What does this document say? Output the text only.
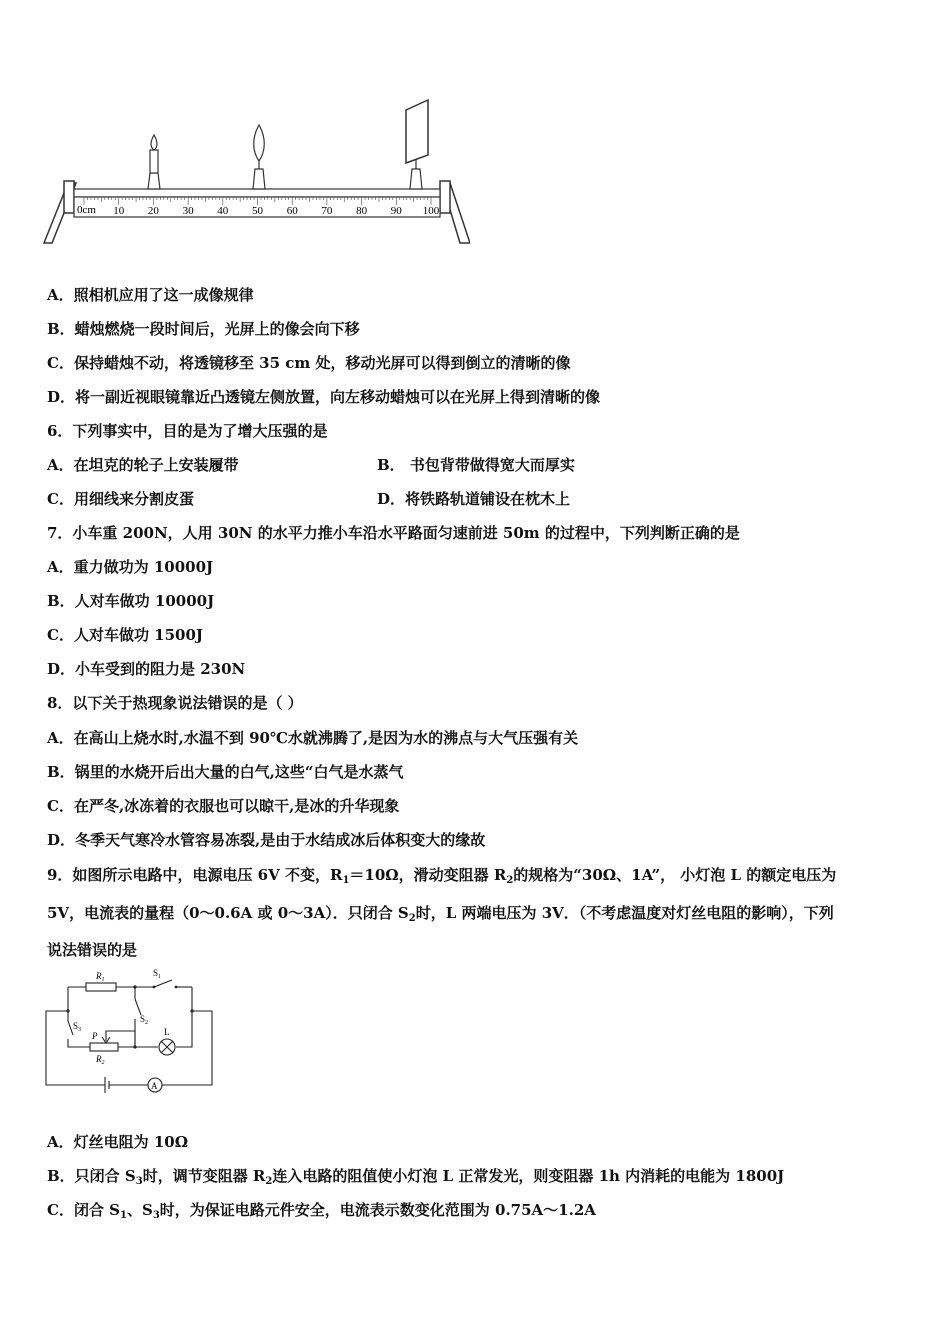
0cm 10 20 30 40 50 60 70 80 90 100
A．照相机应用了这一成像规律
B．蜡烛燃烧一段时间后，光屏上的像会向下移
C．保持蜡烛不动，将透镜移至 35 cm 处，移动光屏可以得到倒立的清晰的像
D．将一副近视眼镜靠近凸透镜左侧放置，向左移动蜡烛可以在光屏上得到清晰的像
6．下列事实中，目的是为了增大压强的是
A．在坦克的轮子上安装履带	B． 书包背带做得宽大而厚实
C．用细线来分割皮蛋	D．将铁路轨道铺设在枕木上
7．小车重 200N，人用 30N 的水平力推小车沿水平路面匀速前进 50m 的过程中，下列判断正确的是
A．重力做功为 10000J
B．人对车做功 10000J
C．人对车做功 1500J
D．小车受到的阻力是 230N
8．以下关于热现象说法错误的是（ ）
A．在高山上烧水时,水温不到 90℃水就沸腾了,是因为水的沸点与大气压强有关
B．锅里的水烧开后出大量的白气,这些“白气是水蒸气
C．在严冬,冰冻着的衣服也可以晾干,是冰的升华现象
D．冬季天气寒冷水管容易冻裂,是由于水结成冰后体积变大的缘故
9．如图所示电路中，电源电压 6V 不变，$R_1=10\Omega$，滑动变阻器 $R_2$的规格为“30Ω、1A”， 小灯泡 L 的额定电压为
5V，电流表的量程（0～0.6A 或 0～3A）．只闭合 $S_2$时，L 两端电压为 3V．（不考虑温度对灯丝电阻的影响），下列
说法错误的是
$R_1$
$S_1$
$S_2$
$S_3$
P
$R_2$
L
A
A．灯丝电阻为 10Ω
B．只闭合 $S_3$时，调节变阻器 $R_2$连入电路的阻值使小灯泡 L 正常发光，则变阻器 1h 内消耗的电能为 1800J
C．闭合 $S_1$、$S_3$时，为保证电路元件安全，电流表示数变化范围为 0.75A～1.2A
